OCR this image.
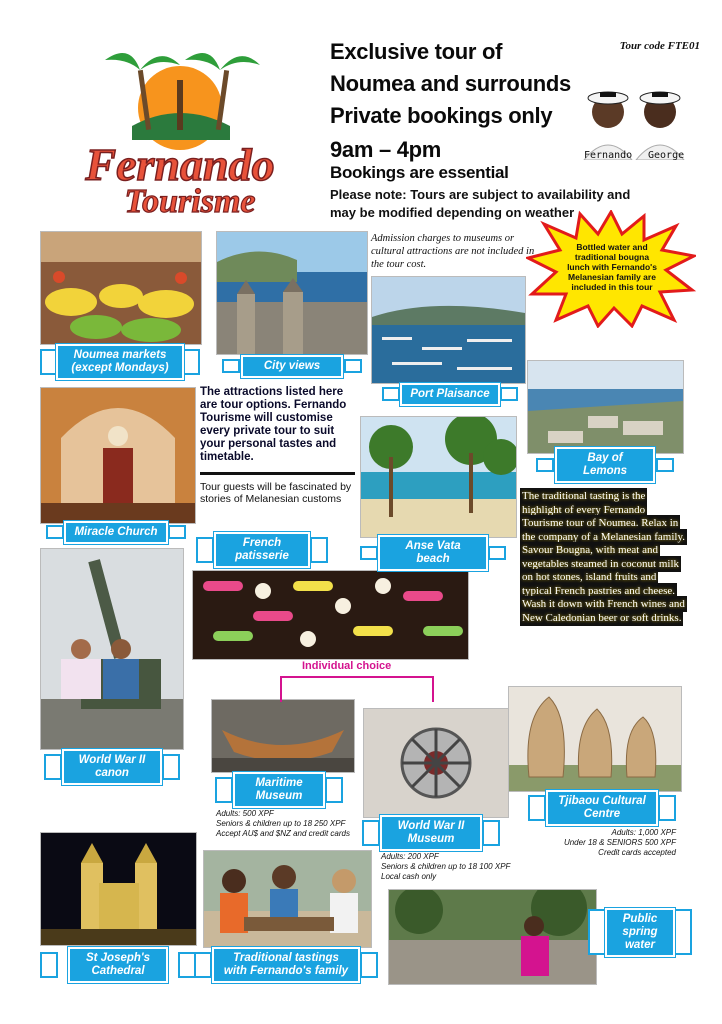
Fernando
Tourisme
Exclusive tour of
Noumea and surrounds
Private bookings only
9am – 4pm
Bookings are essential
Please note: Tours are subject to availability and
may be modified depending on weather
Tour code FTE01
Fernando George
Bottled water and traditional bougna lunch with Fernando's Melanesian family are included in this tour
Admission charges to museums or cultural attractions are not included in the tour cost.
The attractions listed here are tour options. Fernando Tourisme will customise every private tour to suit your personal tastes and timetable.
Tour guests will be fascinated by stories of Melanesian customs	The traditional tasting is the highlight of every Fernando Tourisme tour of Noumea. Relax in the company of a Melanesian family. Savour Bougna, with meat and vegetables steamed in coconut milk on hot stones, island fruits and typical French pastries and cheese. Wash it down with French wines and New Caledonian beer or soft drinks.
Individual choice
Noumea markets (except Mondays)	City views
Port Plaisance
Bay of Lemons
Miracle Church
French patisserie
Anse Vata beach
World War II canon
Maritime Museum
World War II Museum
Tjibaou Cultural Centre
St Joseph's Cathedral
Traditional tastings with Fernando's family
Public spring water
Adults: 500 XPF
Seniors & children up to 18 250 XPF
Accept AU$ and $NZ and credit cards
Adults: 200 XPF
Seniors & children up to 18 100 XPF
Local cash only
Adults: 1,000 XPF
Under 18 & SENIORS 500 XPF
Credit cards accepted
